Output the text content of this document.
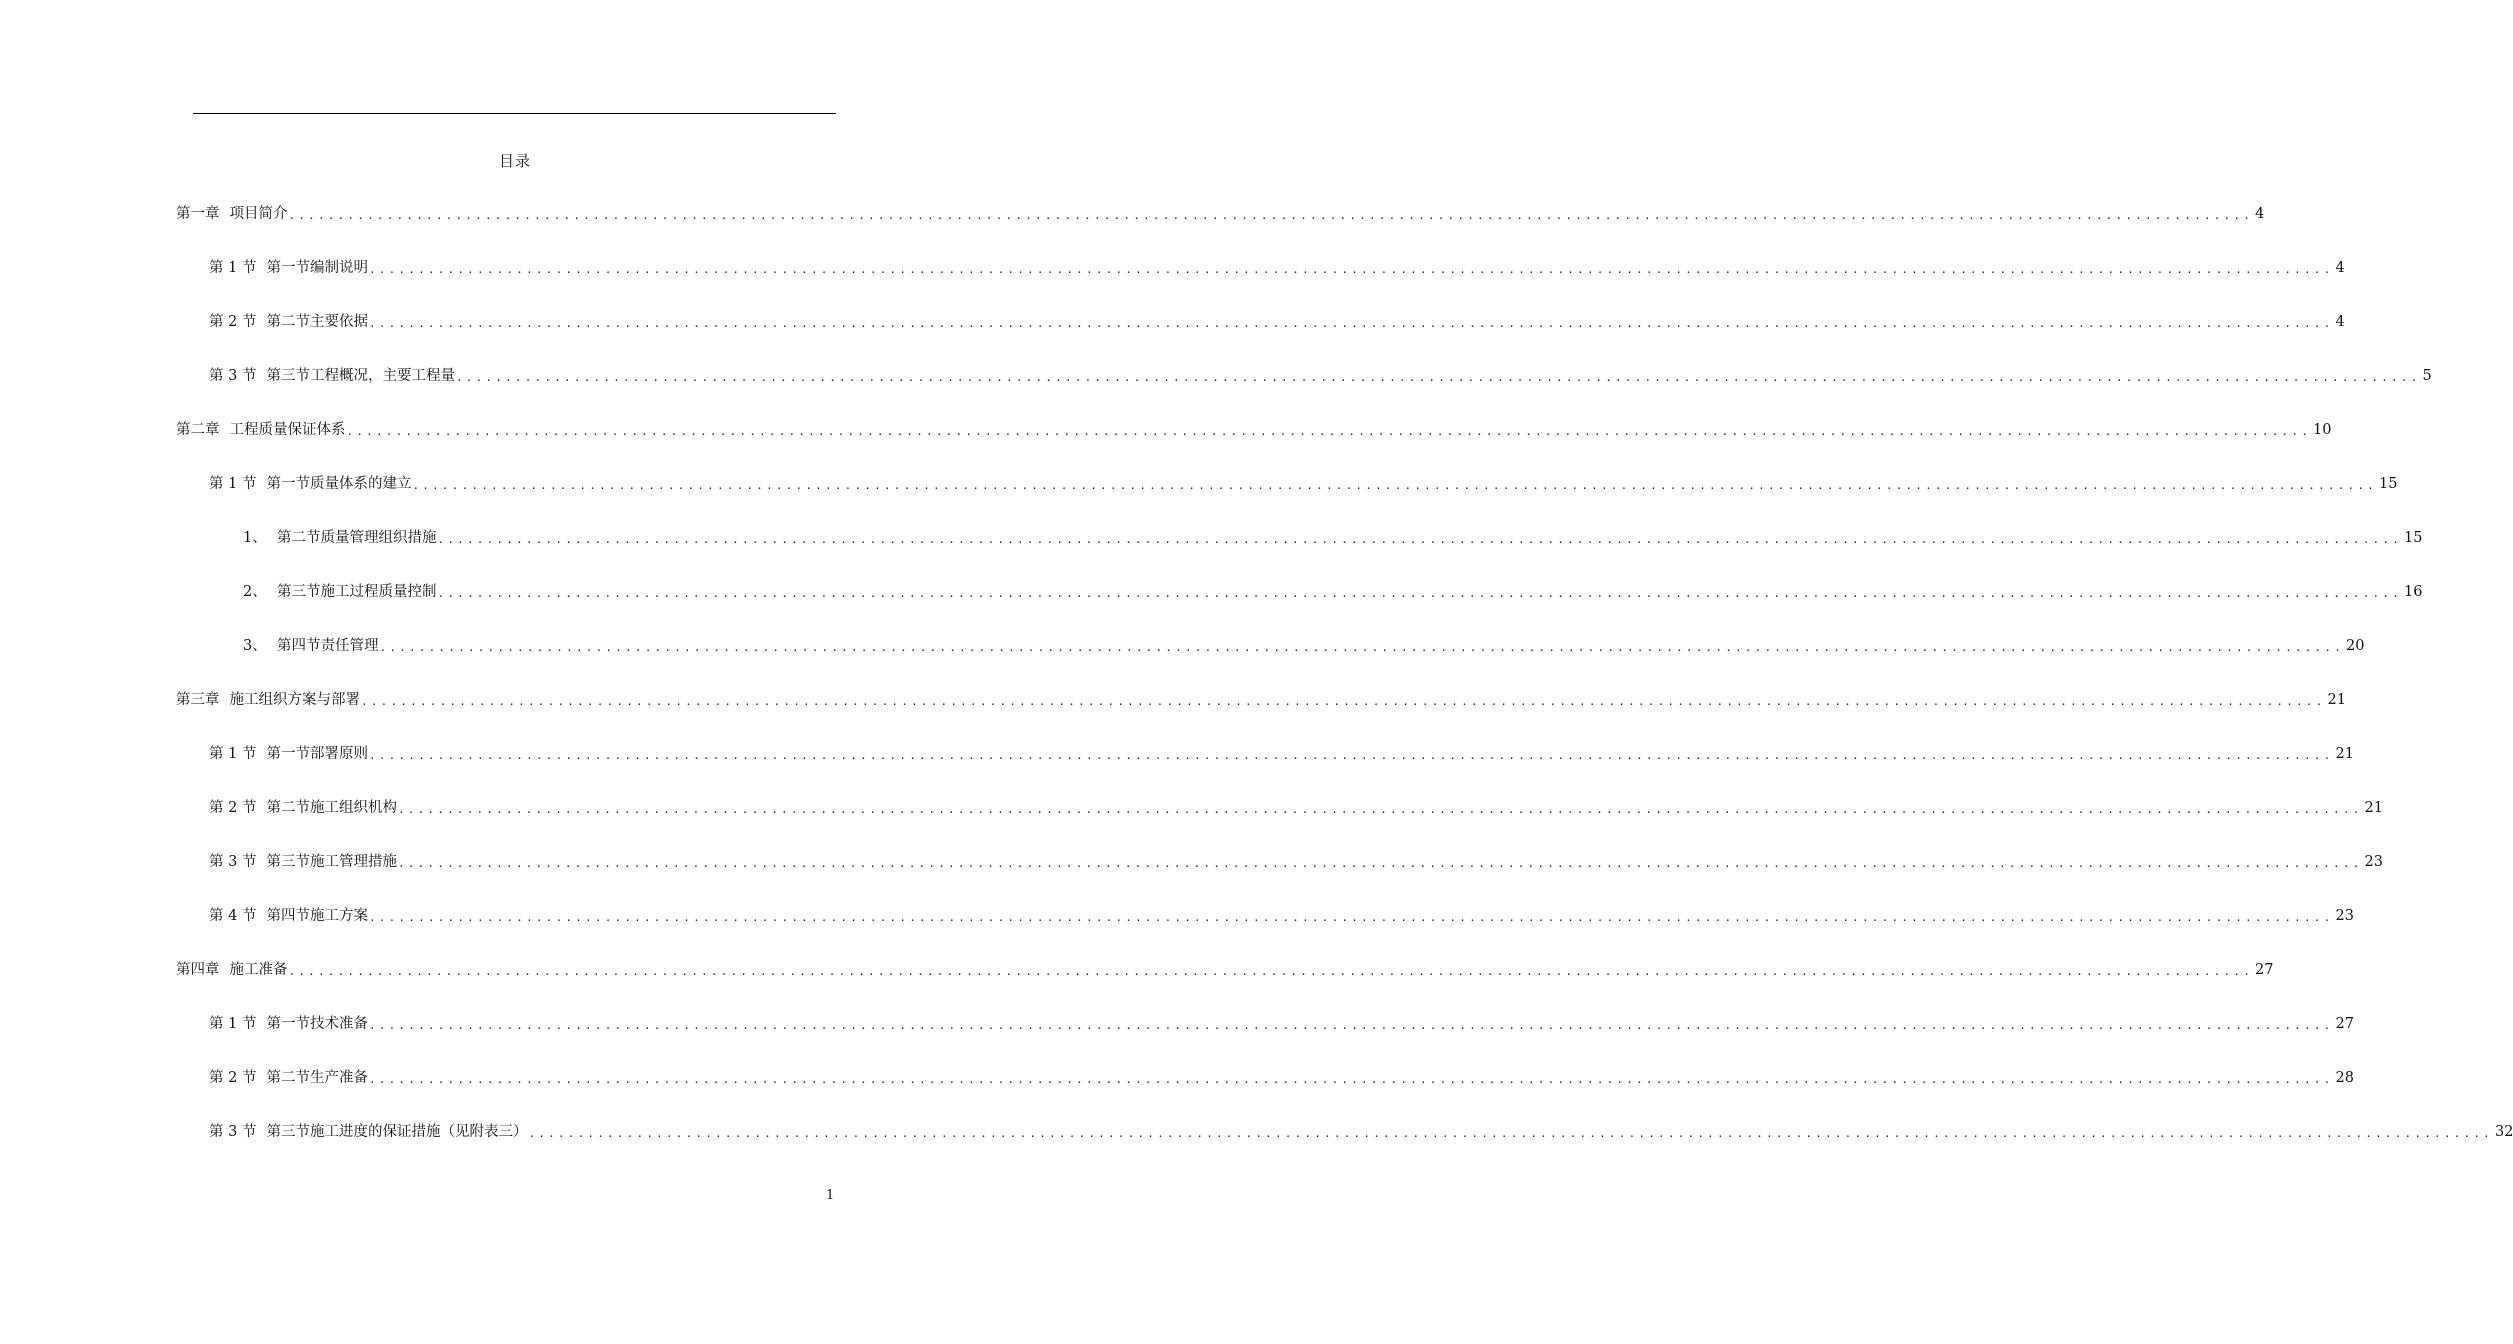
目录
第一章 项目简介 ........................................................................................................................................................................................................ 4
第 1 节 第一节编制说明 ........................................................................................................................................................................................................ 4
第 2 节 第二节主要依据 ........................................................................................................................................................................................................ 4
第 3 节 第三节工程概况，主要工程量 ........................................................................................................................................................................................................ 5
第二章 工程质量保证体系 ........................................................................................................................................................................................................ 10
第 1 节 第一节质量体系的建立 ........................................................................................................................................................................................................ 15
1、 第二节质量管理组织措施 ........................................................................................................................................................................................................ 15
2、 第三节施工过程质量控制 ........................................................................................................................................................................................................ 16
3、 第四节责任管理 ........................................................................................................................................................................................................ 20
第三章 施工组织方案与部署 ........................................................................................................................................................................................................ 21
第 1 节 第一节部署原则 ........................................................................................................................................................................................................ 21
第 2 节 第二节施工组织机构 ........................................................................................................................................................................................................ 21
第 3 节 第三节施工管理措施 ........................................................................................................................................................................................................ 23
第 4 节 第四节施工方案 ........................................................................................................................................................................................................ 23
第四章 施工准备 ........................................................................................................................................................................................................ 27
第 1 节 第一节技术准备 ........................................................................................................................................................................................................ 27
第 2 节 第二节生产准备 ........................................................................................................................................................................................................ 28
第 3 节 第三节施工进度的保证措施（见附表三） ........................................................................................................................................................................................................ 32
1
